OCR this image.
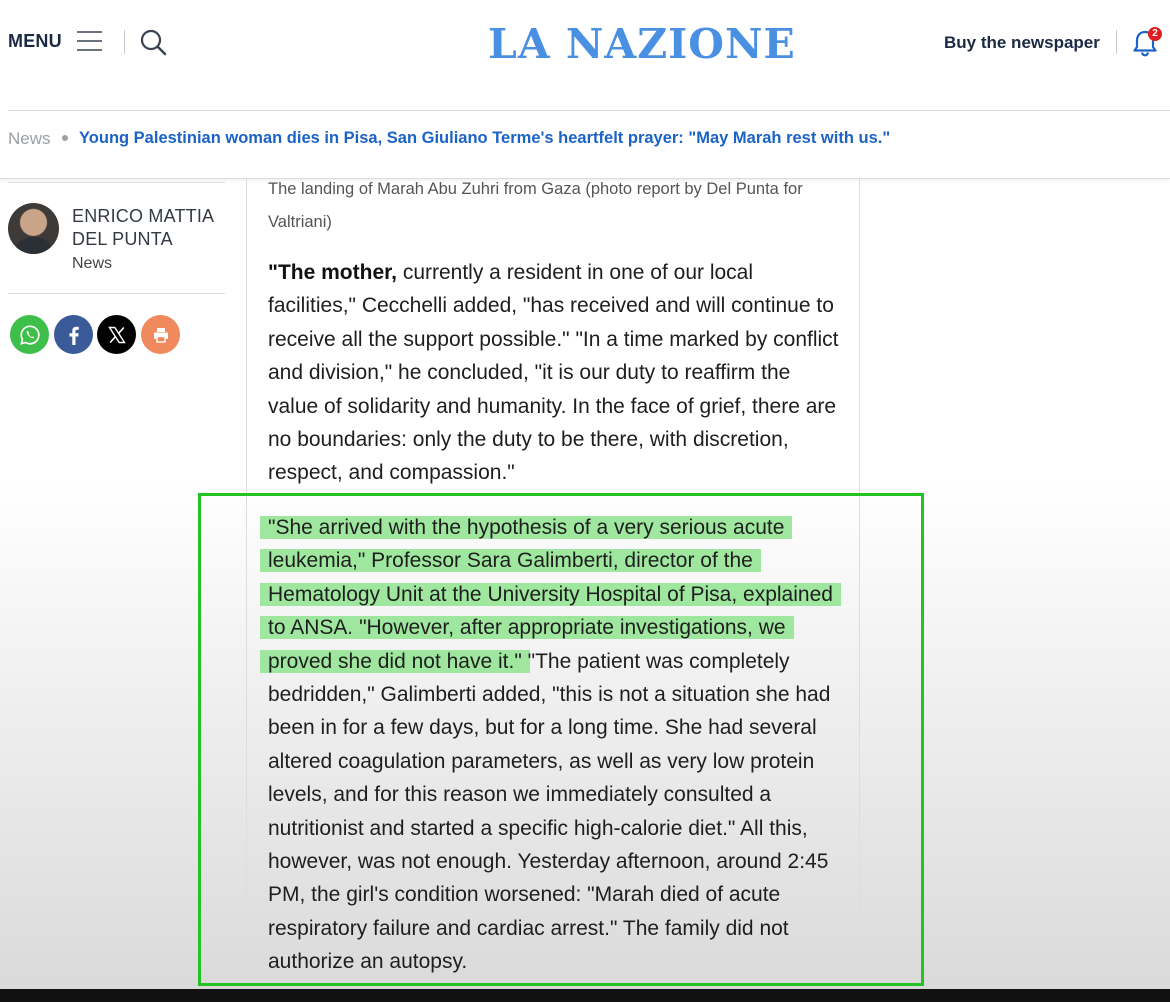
MENU	LA NAZIONE	Buy the newspaper	2
News Young Palestinian woman dies in Pisa, San Giuliano Terme's heartfelt prayer: "May Marah rest with us."
ENRICO MATTIA DEL PUNTA
News
The landing of Marah Abu Zuhri from Gaza (photo report by Del Punta for Valtriani)
"The mother, currently a resident in one of our local facilities," Cecchelli added, "has received and will continue to receive all the support possible." "In a time marked by conflict and division," he concluded, "it is our duty to reaffirm the value of solidarity and humanity. In the face of grief, there are no boundaries: only the duty to be there, with discretion, respect, and compassion."
"She arrived with the hypothesis of a very serious acute leukemia," Professor Sara Galimberti, director of the Hematology Unit at the University Hospital of Pisa, explained to ANSA. "However, after appropriate investigations, we proved she did not have it." "The patient was completely bedridden," Galimberti added, "this is not a situation she had been in for a few days, but for a long time. She had several altered coagulation parameters, as well as very low protein levels, and for this reason we immediately consulted a nutritionist and started a specific high-calorie diet." All this, however, was not enough. Yesterday afternoon, around 2:45 PM, the girl's condition worsened: "Marah died of acute respiratory failure and cardiac arrest." The family did not authorize an autopsy.
